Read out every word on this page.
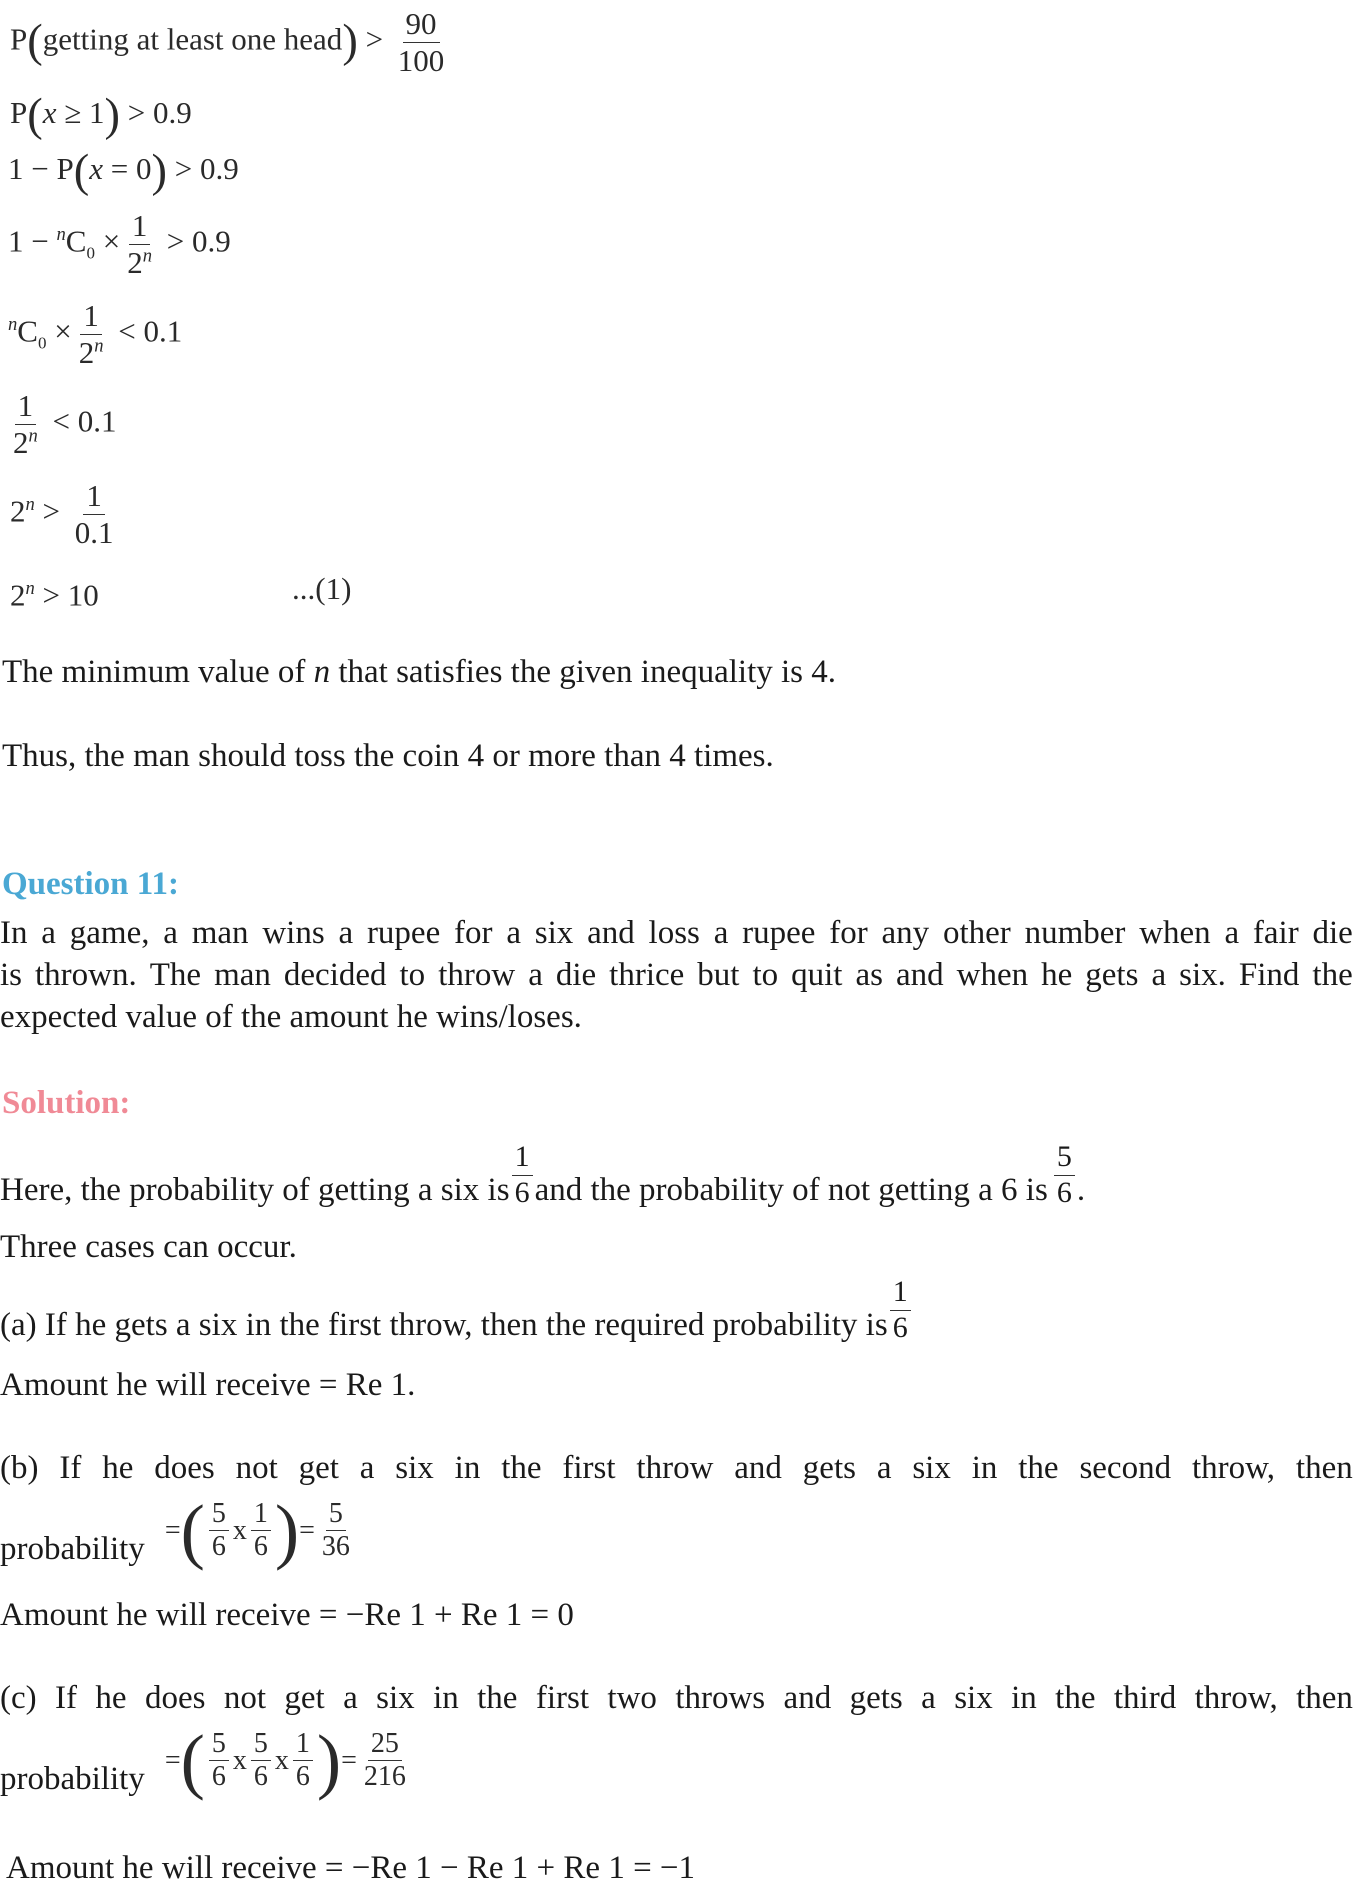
P(getting at least one head) > $\frac{90}{100}$
P(x ≥ 1) > 0.9
1 − P(x = 0) > 0.9
$1 - ^nC_0 \times \frac{1}{2^n} > 0.9$
$^nC_0 \times \frac{1}{2^n} < 0.1$
$\frac{1}{2^n} < 0.1$
$2^n > \frac{1}{0.1}$
$2^n > 10$	...(1)
The minimum value of n that satisfies the given inequality is 4.
Thus, the man should toss the coin 4 or more than 4 times.
Question 11:
In a game, a man wins a rupee for a six and loss a rupee for any other number when a fair die
is thrown. The man decided to throw a die thrice but to quit as and when he gets a six. Find the
expected value of the amount he wins/loses.
Solution:
Here, the probability of getting a six is $\frac{1}{6}$ and the probability of not getting a 6 is $\frac{5}{6}$ .
Three cases can occur.
(a) If he gets a six in the first throw, then the required probability is $\frac{1}{6}$
Amount he will receive = Re 1.
(b) If he does not get a six in the first throw and gets a six in the second throw, then
probability
= ( $\frac{5}{6}$ x $\frac{1}{6}$ ) = $\frac{5}{36}$
Amount he will receive = −Re 1 + Re 1 = 0
(c) If he does not get a six in the first two throws and gets a six in the third throw, then
probability
= ( $\frac{5}{6}$ x $\frac{5}{6}$ x $\frac{1}{6}$ ) = $\frac{25}{216}$
Amount he will receive = −Re 1 − Re 1 + Re 1 = −1
